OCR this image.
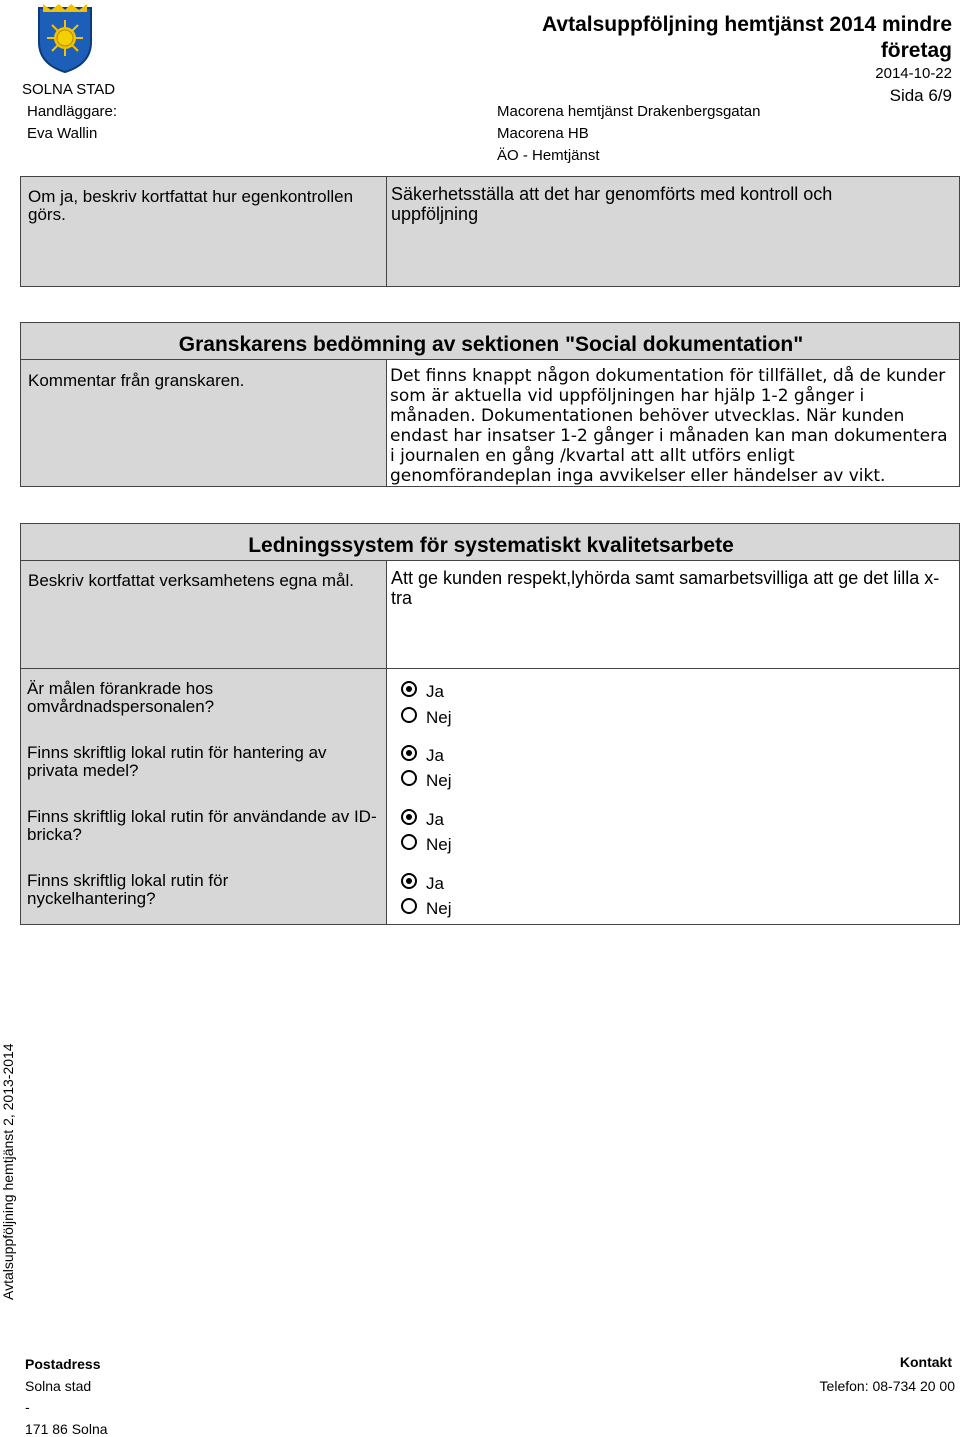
SOLNA STAD
Handläggare:
Eva Wallin
Avtalsuppföljning hemtjänst 2014 mindre företag
2014-10-22
Sida 6/9
Macorena hemtjänst Drakenbergsgatan
Macorena HB
ÄO - Hemtjänst
Om ja, beskriv kortfattat hur egenkontrollen görs.
Säkerhetsställa att det har genomförts med kontroll och uppföljning
Granskarens bedömning av sektionen "Social dokumentation"
Kommentar från granskaren.	Det finns knappt någon dokumentation för tillfället, då de kunder som är aktuella vid uppföljningen har hjälp 1-2 gånger i månaden. Dokumentationen behöver utvecklas. När kunden endast har insatser 1-2 gånger i månaden kan man dokumentera i journalen en gång /kvartal att allt utförs enligt genomförandeplan inga avvikelser eller händelser av vikt.
Ledningssystem för systematiskt kvalitetsarbete
Beskriv kortfattat verksamhetens egna mål. Att ge kunden respekt,lyhörda samt samarbetsvilliga att ge det lilla x-tra
Är målen förankrade hos omvårdnadspersonalen?
Ja
Nej
Finns skriftlig lokal rutin för hantering av privata medel?
Ja
Nej
Finns skriftlig lokal rutin för användande av ID-bricka?
Ja
Nej
Finns skriftlig lokal rutin för nyckelhantering?
Ja
Nej
Avtalsuppföljning hemtjänst 2, 2013-2014
Postadress
Solna stad
-
171 86 Solna
Kontakt
Telefon: 08-734 20 00
